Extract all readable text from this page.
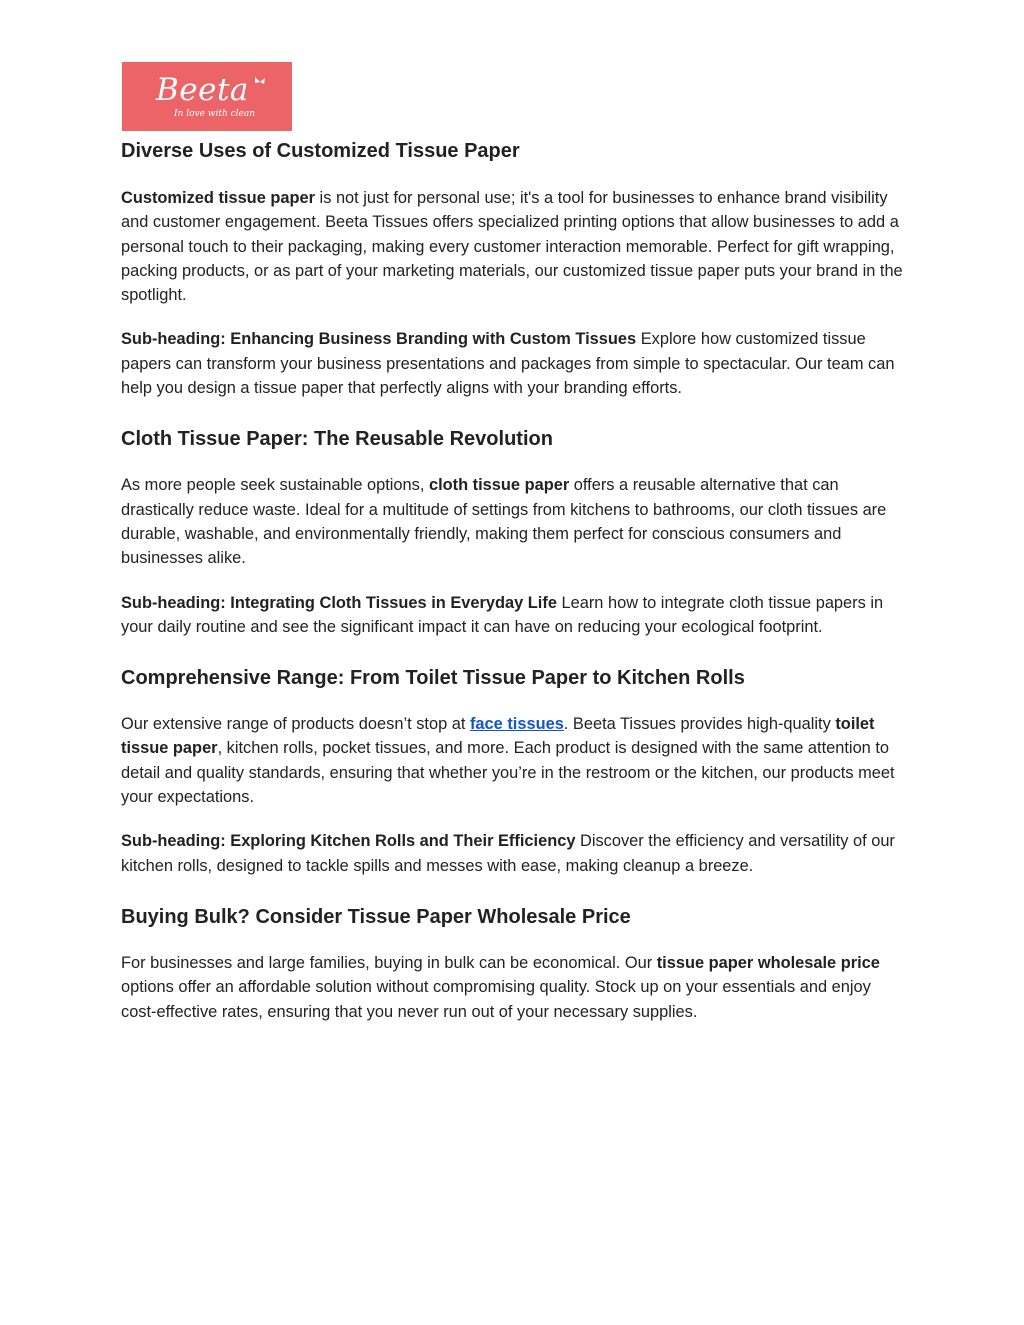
Beeta
In love with clean
Diverse Uses of Customized Tissue Paper

Customized tissue paper is not just for personal use; it's a tool for businesses to enhance brand visibility and customer engagement. Beeta Tissues offers specialized printing options that allow businesses to add a personal touch to their packaging, making every customer interaction memorable. Perfect for gift wrapping, packing products, or as part of your marketing materials, our customized tissue paper puts your brand in the spotlight.

Sub-heading: Enhancing Business Branding with Custom Tissues Explore how customized tissue papers can transform your business presentations and packages from simple to spectacular. Our team can help you design a tissue paper that perfectly aligns with your branding efforts.

Cloth Tissue Paper: The Reusable Revolution

As more people seek sustainable options, cloth tissue paper offers a reusable alternative that can drastically reduce waste. Ideal for a multitude of settings from kitchens to bathrooms, our cloth tissues are durable, washable, and environmentally friendly, making them perfect for conscious consumers and businesses alike.

Sub-heading: Integrating Cloth Tissues in Everyday Life Learn how to integrate cloth tissue papers in your daily routine and see the significant impact it can have on reducing your ecological footprint.

Comprehensive Range: From Toilet Tissue Paper to Kitchen Rolls

Our extensive range of products doesn’t stop at face tissues. Beeta Tissues provides high-quality toilet tissue paper, kitchen rolls, pocket tissues, and more. Each product is designed with the same attention to detail and quality standards, ensuring that whether you’re in the restroom or the kitchen, our products meet your expectations.

Sub-heading: Exploring Kitchen Rolls and Their Efficiency Discover the efficiency and versatility of our kitchen rolls, designed to tackle spills and messes with ease, making cleanup a breeze.

Buying Bulk? Consider Tissue Paper Wholesale Price

For businesses and large families, buying in bulk can be economical. Our tissue paper wholesale price options offer an affordable solution without compromising quality. Stock up on your essentials and enjoy cost-effective rates, ensuring that you never run out of your necessary supplies.
